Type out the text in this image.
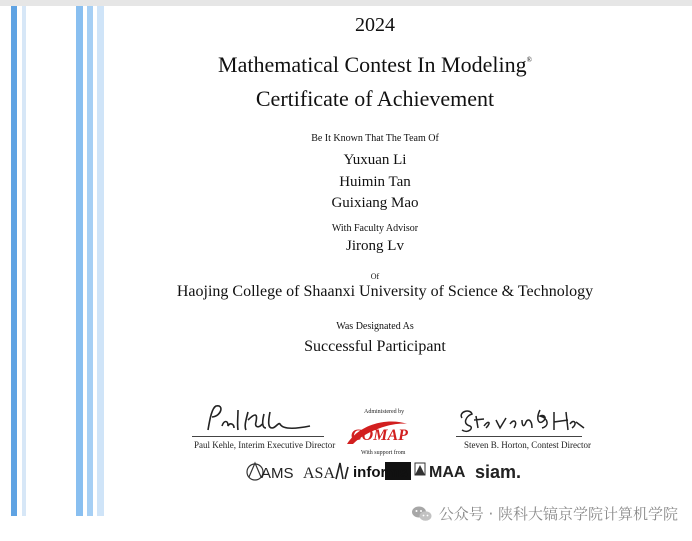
2024
Mathematical Contest In Modeling®
Certificate of Achievement
Be It Known That The Team Of
Yuxuan Li
Huimin Tan
Guixiang Mao
With Faculty Advisor
Jirong Lv
Of
Haojing College of Shaanxi University of Science & Technology
Was Designated As
Successful Participant
Paul Kehle, Interim Executive Director
Administered by
COMAP
With support from
Steven B. Horton, Contest Director
AMS ASA informs MAA siam.
公众号 · 陕科大镐京学院计算机学院
